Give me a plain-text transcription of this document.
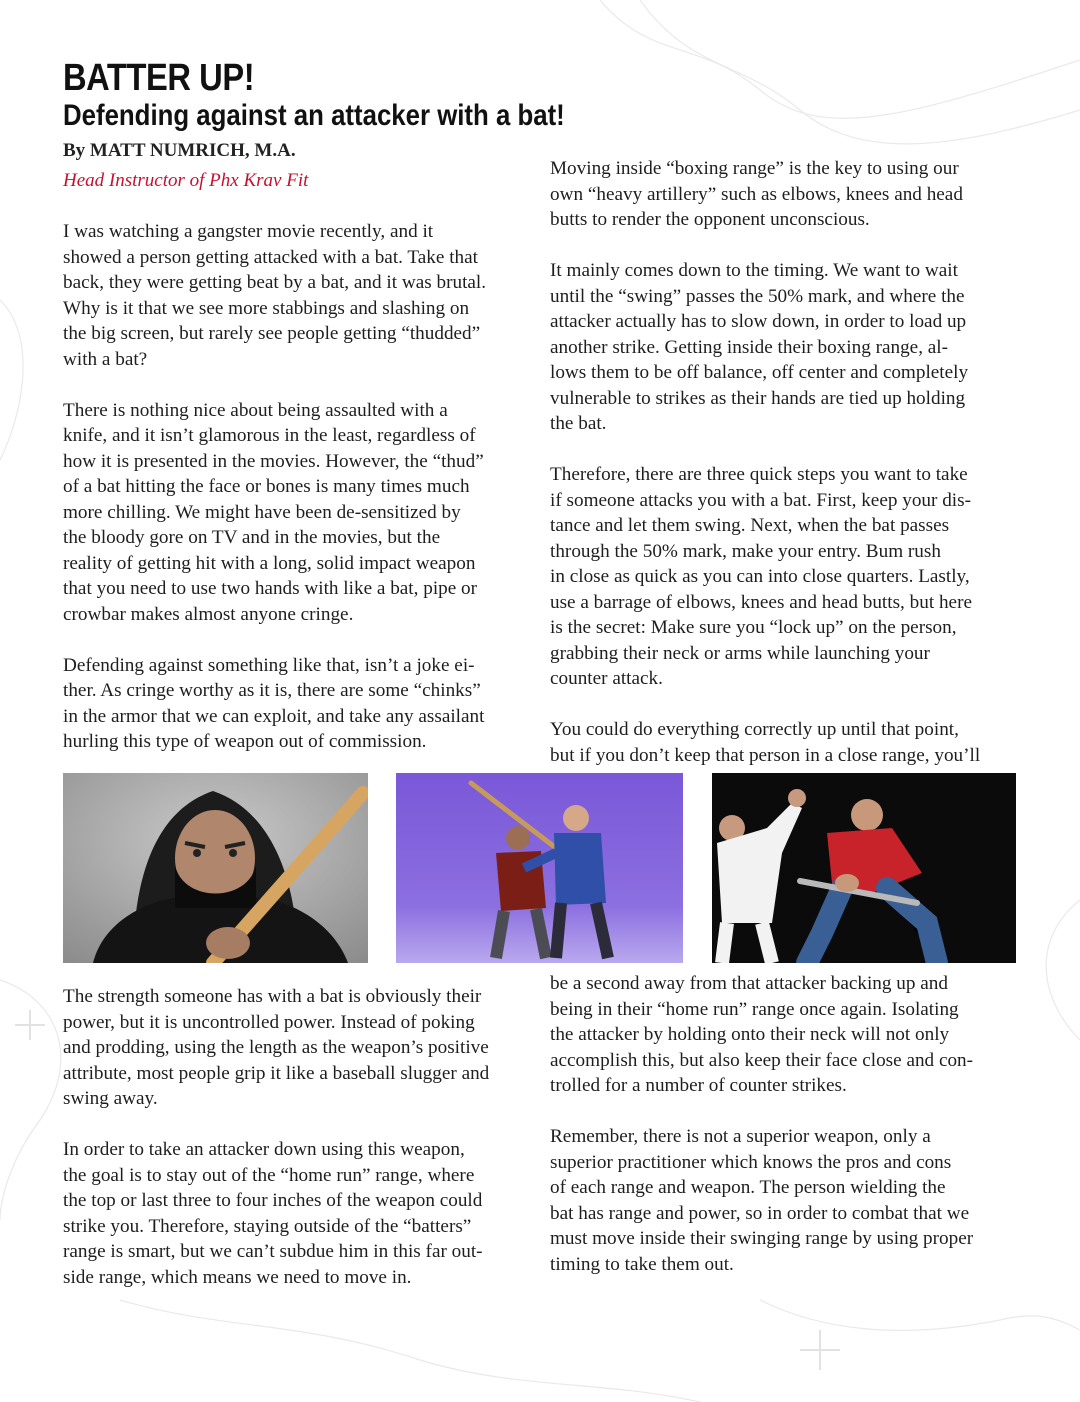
BATTER UP!
Defending against an attacker with a bat!
By MATT NUMRICH, M.A.
Head Instructor of Phx Krav Fit

I was watching a gangster movie recently, and it
showed a person getting attacked with a bat. Take that
back, they were getting beat by a bat, and it was brutal.
Why is it that we see more stabbings and slashing on
the big screen, but rarely see people getting “thudded”
with a bat?

There is nothing nice about being assaulted with a
knife, and it isn’t glamorous in the least, regardless of
how it is presented in the movies. However, the “thud”
of a bat hitting the face or bones is many times much
more chilling. We might have been de-sensitized by
the bloody gore on TV and in the movies, but the
reality of getting hit with a long, solid impact weapon
that you need to use two hands with like a bat, pipe or
crowbar makes almost anyone cringe.

Defending against something like that, isn’t a joke ei-
ther. As cringe worthy as it is, there are some “chinks”
in the armor that we can exploit, and take any assailant
hurling this type of weapon out of commission.

Moving inside “boxing range” is the key to using our
own “heavy artillery” such as elbows, knees and head
butts to render the opponent unconscious.

It mainly comes down to the timing. We want to wait
until the “swing” passes the 50% mark, and where the
attacker actually has to slow down, in order to load up
another strike. Getting inside their boxing range, al-
lows them to be off balance, off center and completely
vulnerable to strikes as their hands are tied up holding
the bat.

Therefore, there are three quick steps you want to take
if someone attacks you with a bat. First, keep your dis-
tance and let them swing. Next, when the bat passes
through the 50% mark, make your entry. Bum rush
in close as quick as you can into close quarters. Lastly,
use a barrage of elbows, knees and head butts, but here
is the secret: Make sure you “lock up” on the person,
grabbing their neck or arms while launching your
counter attack.

You could do everything correctly up until that point,
but if you don’t keep that person in a close range, you’ll

The strength someone has with a bat is obviously their
power, but it is uncontrolled power. Instead of poking
and prodding, using the length as the weapon’s positive
attribute, most people grip it like a baseball slugger and
swing away.

In order to take an attacker down using this weapon,
the goal is to stay out of the “home run” range, where
the top or last three to four inches of the weapon could
strike you. Therefore, staying outside of the “batters”
range is smart, but we can’t subdue him in this far out-
side range, which means we need to move in.

be a second away from that attacker backing up and
being in their “home run” range once again. Isolating
the attacker by holding onto their neck will not only
accomplish this, but also keep their face close and con-
trolled for a number of counter strikes.

Remember, there is not a superior weapon, only a
superior practitioner which knows the pros and cons
of each range and weapon. The person wielding the
bat has range and power, so in order to combat that we
must move inside their swinging range by using proper
timing to take them out.
